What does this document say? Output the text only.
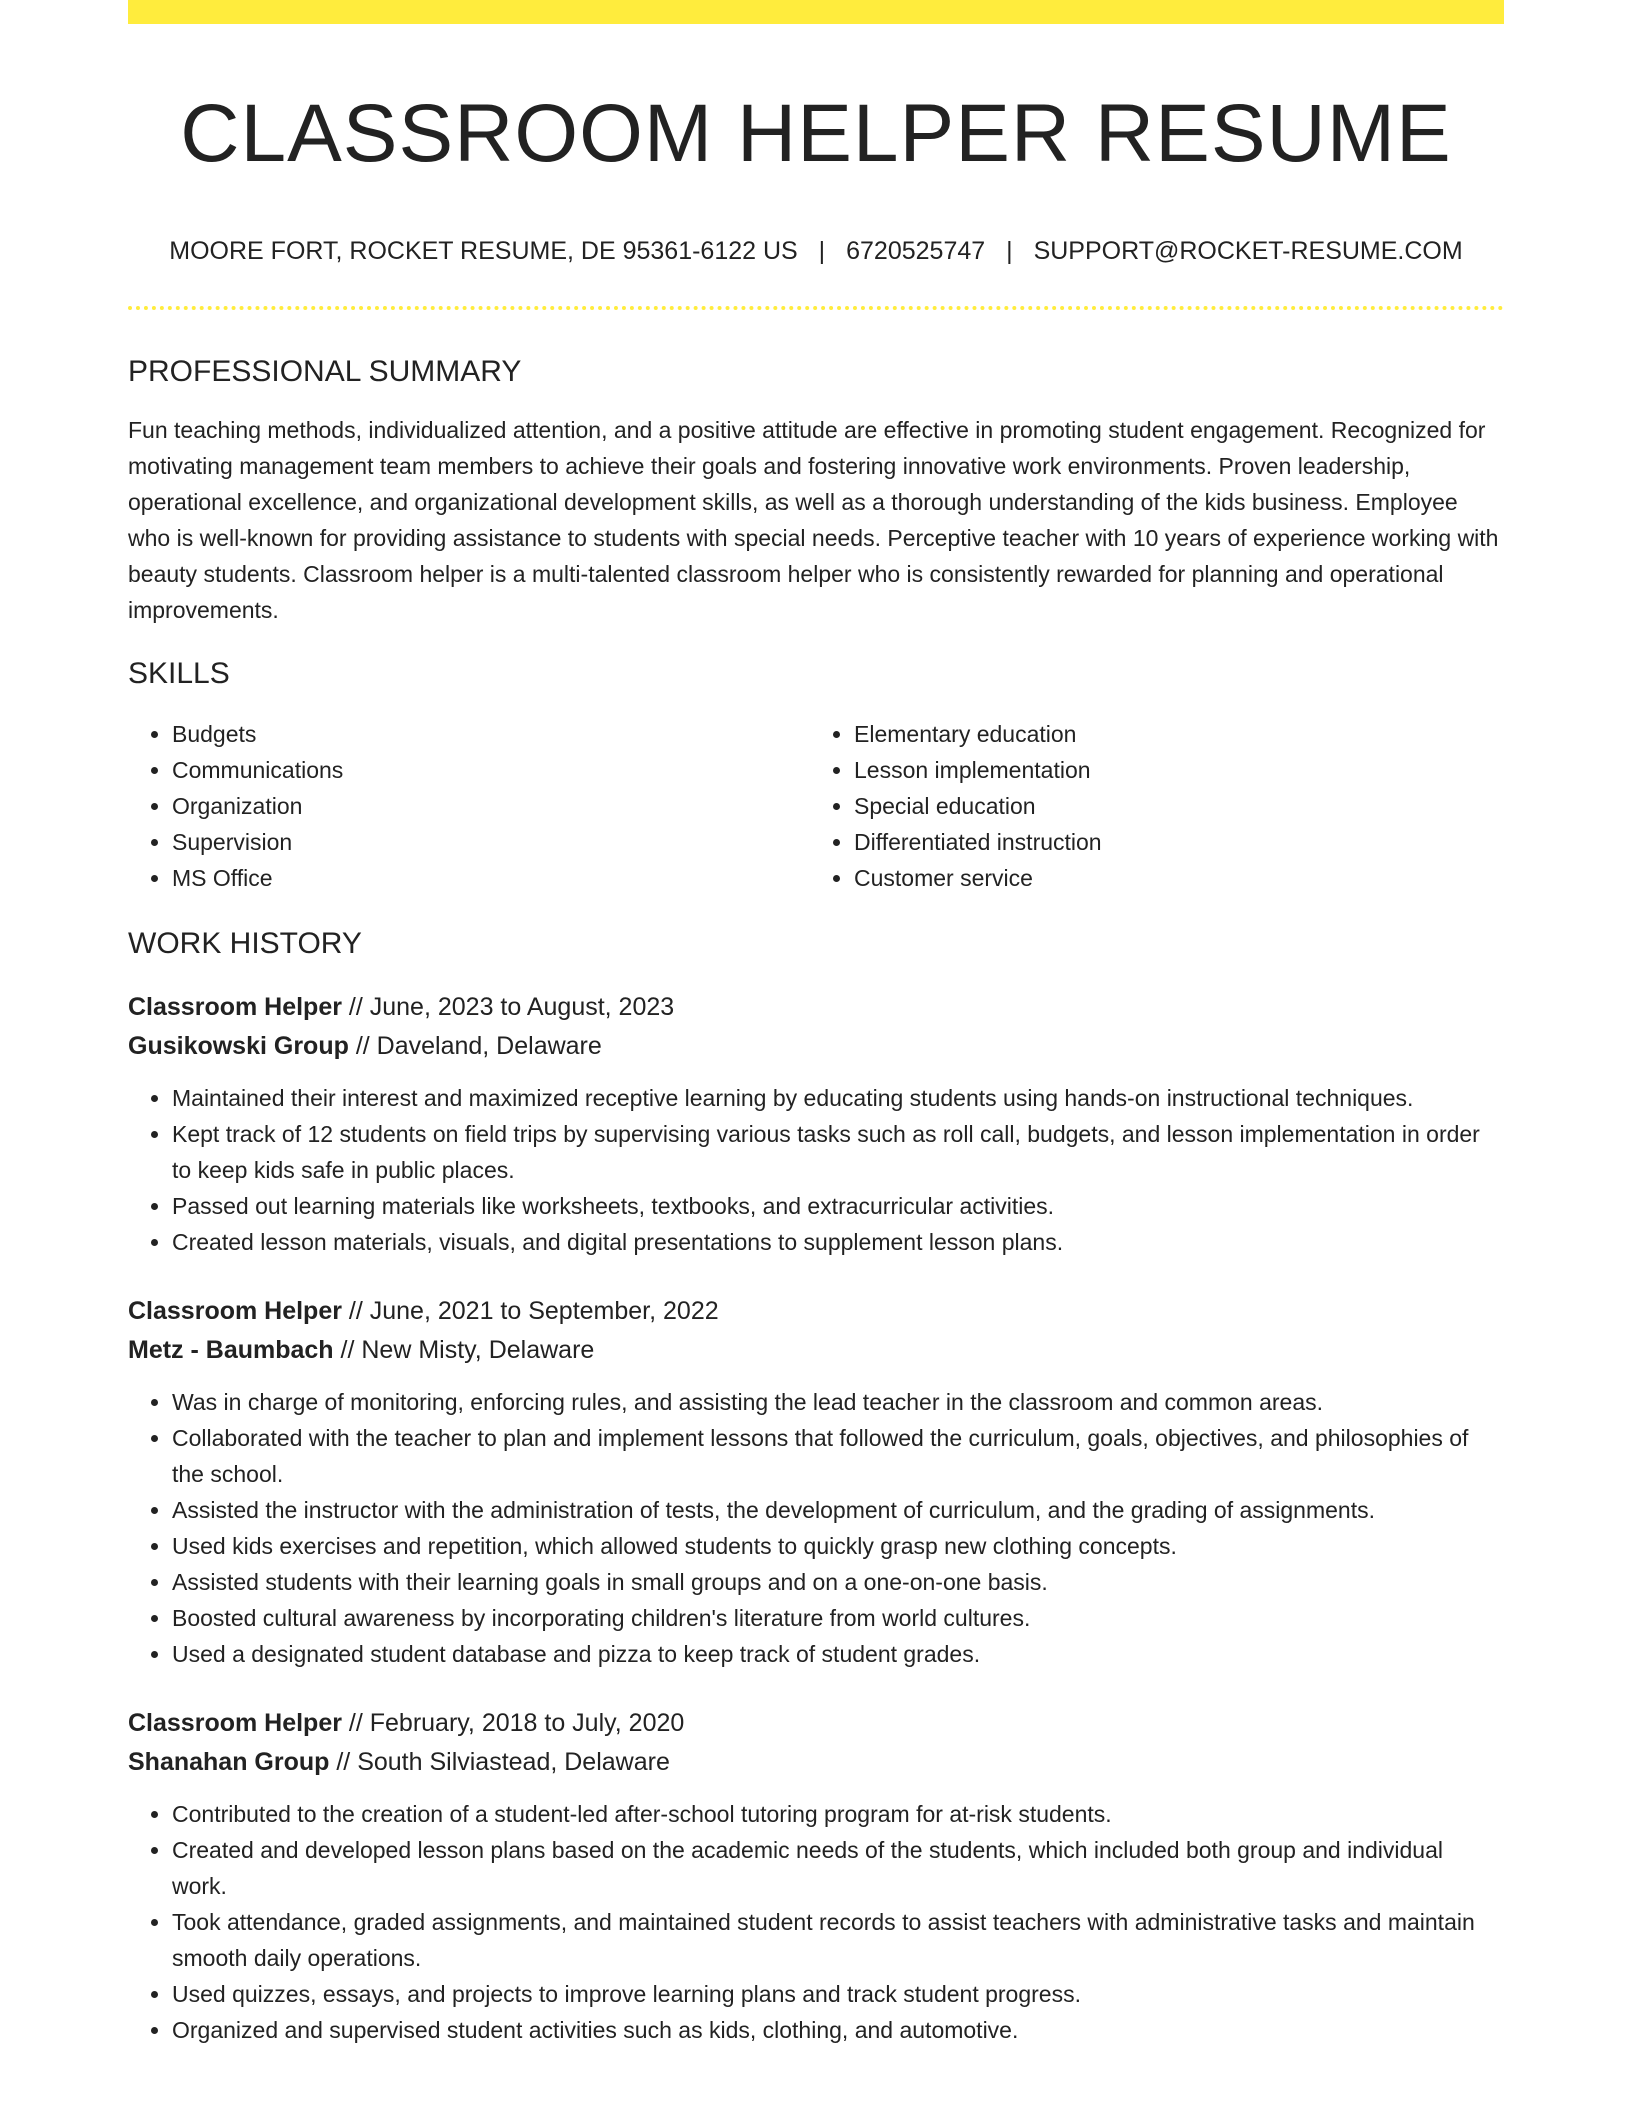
CLASSROOM HELPER RESUME
MOORE FORT, ROCKET RESUME, DE 95361-6122 US | 6720525747 | SUPPORT@ROCKET-RESUME.COM
PROFESSIONAL SUMMARY
Fun teaching methods, individualized attention, and a positive attitude are effective in promoting student engagement. Recognized for motivating management team members to achieve their goals and fostering innovative work environments. Proven leadership, operational excellence, and organizational development skills, as well as a thorough understanding of the kids business. Employee who is well-known for providing assistance to students with special needs. Perceptive teacher with 10 years of experience working with beauty students. Classroom helper is a multi-talented classroom helper who is consistently rewarded for planning and operational improvements.
SKILLS
• Budgets
• Communications
• Organization
• Supervision
• MS Office
• Elementary education
• Lesson implementation
• Special education
• Differentiated instruction
• Customer service
WORK HISTORY
Classroom Helper // June, 2023 to August, 2023
Gusikowski Group // Daveland, Delaware
• Maintained their interest and maximized receptive learning by educating students using hands-on instructional techniques.
• Kept track of 12 students on field trips by supervising various tasks such as roll call, budgets, and lesson implementation in order to keep kids safe in public places.
• Passed out learning materials like worksheets, textbooks, and extracurricular activities.
• Created lesson materials, visuals, and digital presentations to supplement lesson plans.
Classroom Helper // June, 2021 to September, 2022
Metz - Baumbach // New Misty, Delaware
• Was in charge of monitoring, enforcing rules, and assisting the lead teacher in the classroom and common areas.
• Collaborated with the teacher to plan and implement lessons that followed the curriculum, goals, objectives, and philosophies of the school.
• Assisted the instructor with the administration of tests, the development of curriculum, and the grading of assignments.
• Used kids exercises and repetition, which allowed students to quickly grasp new clothing concepts.
• Assisted students with their learning goals in small groups and on a one-on-one basis.
• Boosted cultural awareness by incorporating children's literature from world cultures.
• Used a designated student database and pizza to keep track of student grades.
Classroom Helper // February, 2018 to July, 2020
Shanahan Group // South Silviastead, Delaware
• Contributed to the creation of a student-led after-school tutoring program for at-risk students.
• Created and developed lesson plans based on the academic needs of the students, which included both group and individual work.
• Took attendance, graded assignments, and maintained student records to assist teachers with administrative tasks and maintain smooth daily operations.
• Used quizzes, essays, and projects to improve learning plans and track student progress.
• Organized and supervised student activities such as kids, clothing, and automotive.
